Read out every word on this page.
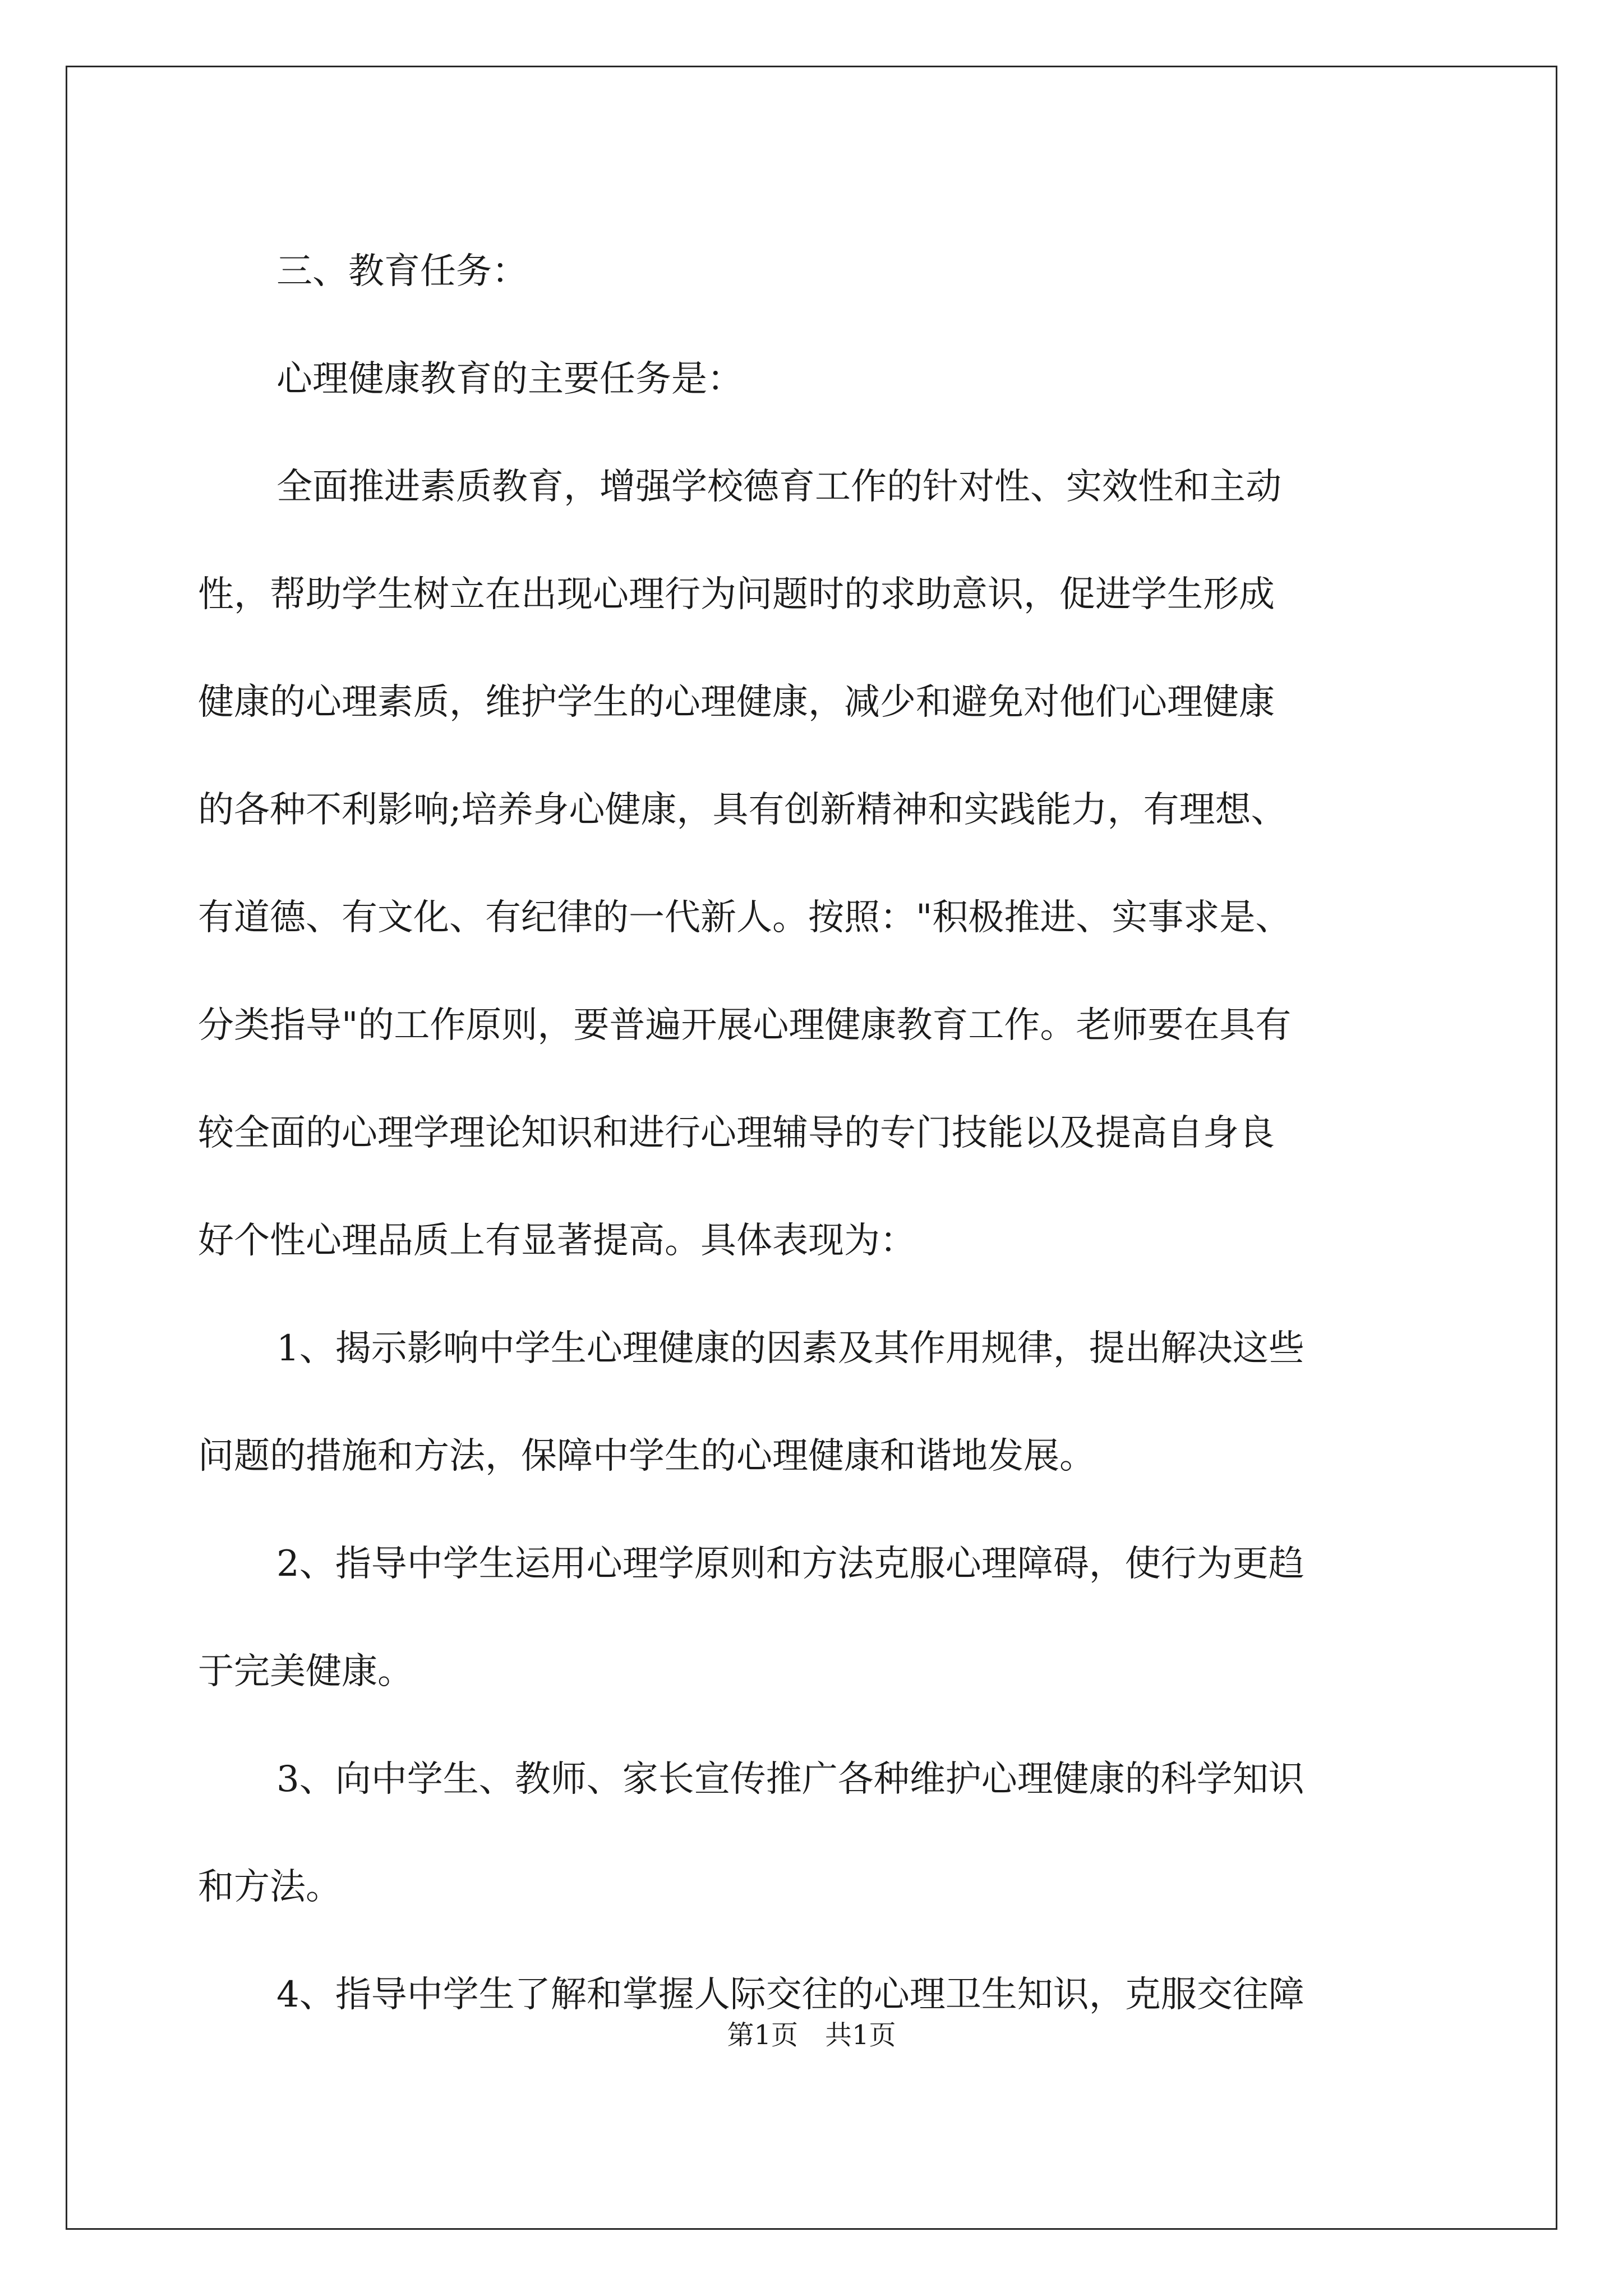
三、教育任务：

心理健康教育的主要任务是：

全面推进素质教育，增强学校德育工作的针对性、实效性和主动

性，帮助学生树立在出现心理行为问题时的求助意识，促进学生形成

健康的心理素质，维护学生的心理健康，减少和避免对他们心理健康

的各种不利影响;培养身心健康，具有创新精神和实践能力，有理想、

有道德、有文化、有纪律的一代新人。按照："积极推进、实事求是、

分类指导"的工作原则，要普遍开展心理健康教育工作。老师要在具有

较全面的心理学理论知识和进行心理辅导的专门技能以及提高自身良

好个性心理品质上有显著提高。具体表现为：

1、揭示影响中学生心理健康的因素及其作用规律，提出解决这些

问题的措施和方法，保障中学生的心理健康和谐地发展。

2、指导中学生运用心理学原则和方法克服心理障碍，使行为更趋

于完美健康。

3、向中学生、教师、家长宣传推广各种维护心理健康的科学知识

和方法。

4、指导中学生了解和掌握人际交往的心理卫生知识，克服交往障

第1页 共1页
